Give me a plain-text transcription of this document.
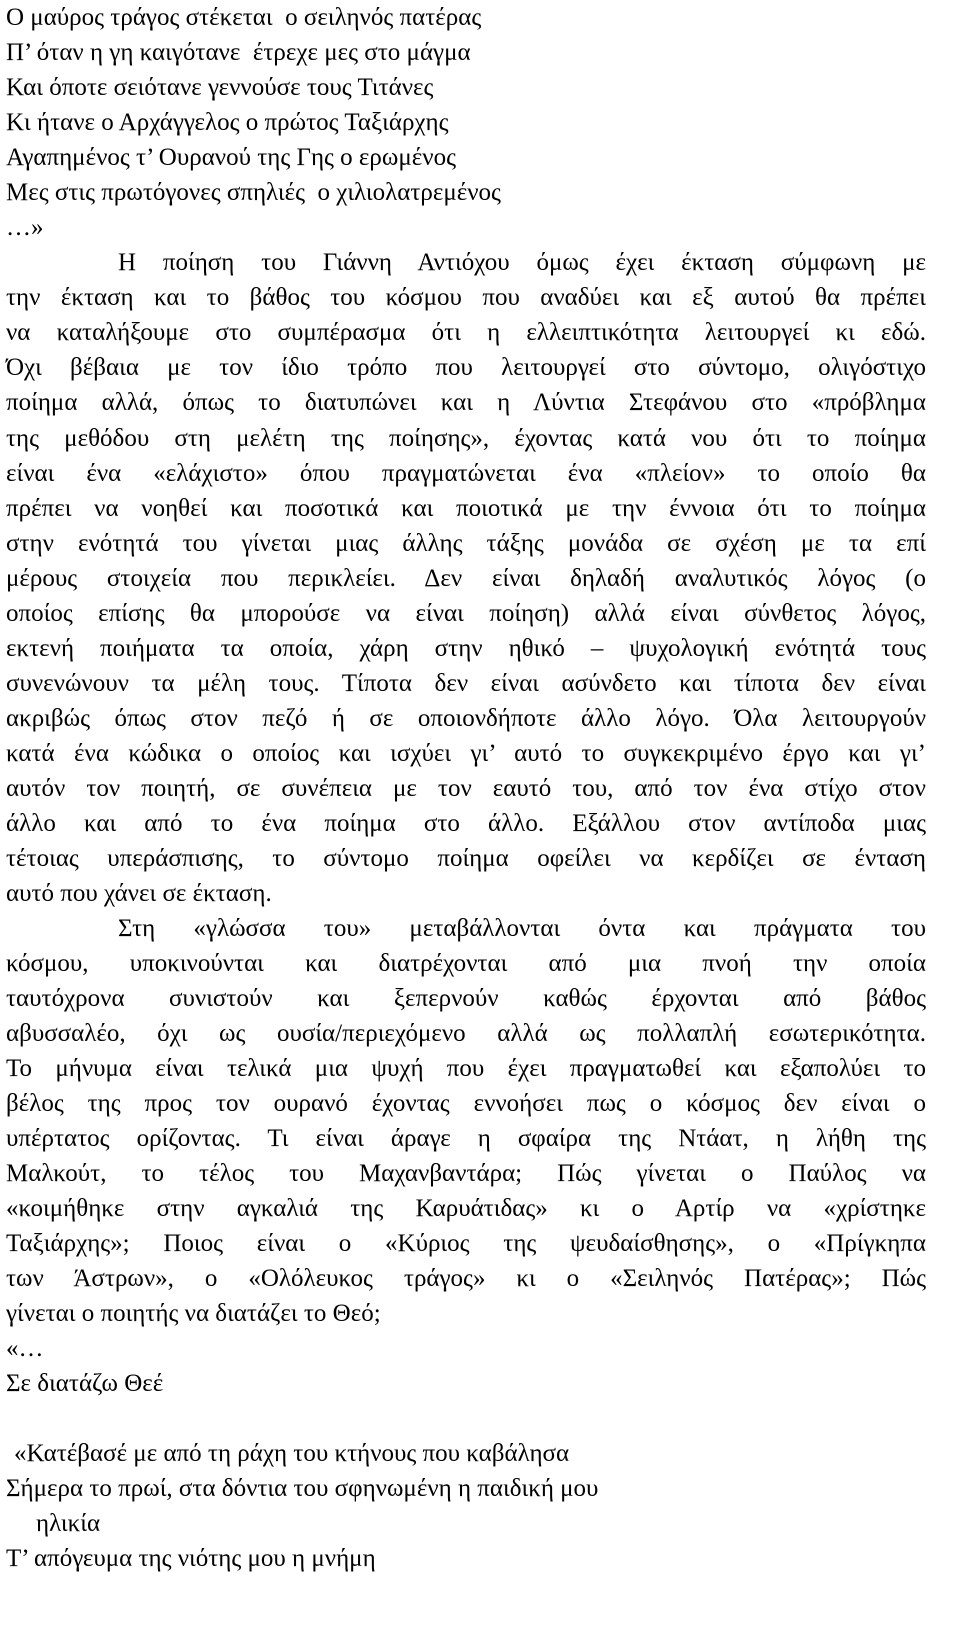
Ο μαύρος τράγος στέκεται  ο σειληνός πατέρας
Π’ όταν η γη καιγότανε  έτρεχε μες στο μάγμα
Και όποτε σειότανε γεννούσε τους Τιτάνες
Κι ήτανε ο Αρχάγγελος ο πρώτος Ταξιάρχης
Αγαπημένος τ’ Ουρανού της Γης ο ερωμένος
Μες στις πρωτόγονες σπηλιές  ο χιλιολατρεμένος
…»
Η ποίηση του Γιάννη Αντιόχου όμως έχει έκταση σύμφωνη με
την έκταση και το βάθος του κόσμου που αναδύει και εξ αυτού θα πρέπει
να καταλήξουμε στο συμπέρασμα ότι η ελλειπτικότητα λειτουργεί κι εδώ.
Όχι βέβαια με τον ίδιο τρόπο που λειτουργεί στο σύντομο, ολιγόστιχο
ποίημα αλλά, όπως το διατυπώνει και η Λύντια Στεφάνου στο «πρόβλημα
της μεθόδου στη μελέτη της ποίησης», έχοντας κατά νου ότι το ποίημα
είναι ένα «ελάχιστο» όπου πραγματώνεται ένα «πλείον» το οποίο θα
πρέπει να νοηθεί και ποσοτικά και ποιοτικά με την έννοια ότι το ποίημα
στην ενότητά του γίνεται μιας άλλης τάξης μονάδα σε σχέση με τα επί
μέρους στοιχεία που περικλείει. Δεν είναι δηλαδή αναλυτικός λόγος (ο
οποίος επίσης θα μπορούσε να είναι ποίηση) αλλά είναι σύνθετος λόγος,
εκτενή ποιήματα τα οποία, χάρη στην ηθικό – ψυχολογική ενότητά τους
συνενώνουν τα μέλη τους. Τίποτα δεν είναι ασύνδετο και τίποτα δεν είναι
ακριβώς όπως στον πεζό ή σε οποιονδήποτε άλλο λόγο. Όλα λειτουργούν
κατά ένα κώδικα ο οποίος και ισχύει γι’ αυτό το συγκεκριμένο έργο και γι’
αυτόν τον ποιητή, σε συνέπεια με τον εαυτό του, από τον ένα στίχο στον
άλλο και από το ένα ποίημα στο άλλο. Εξάλλου στον αντίποδα μιας
τέτοιας υπεράσπισης, το σύντομο ποίημα οφείλει να κερδίζει σε ένταση
αυτό που χάνει σε έκταση.
Στη «γλώσσα του» μεταβάλλονται όντα και πράγματα του
κόσμου, υποκινούνται και διατρέχονται από μια πνοή την οποία
ταυτόχρονα συνιστούν και ξεπερνούν καθώς έρχονται από βάθος
αβυσσαλέο, όχι ως ουσία/περιεχόμενο αλλά ως πολλαπλή εσωτερικότητα.
Το μήνυμα είναι τελικά μια ψυχή που έχει πραγματωθεί και εξαπολύει το
βέλος της προς τον ουρανό έχοντας εννοήσει πως ο κόσμος δεν είναι ο
υπέρτατος ορίζοντας. Τι είναι άραγε η σφαίρα της Ντάατ, η λήθη της
Μαλκούτ, το τέλος του Μαχανβαντάρα; Πώς γίνεται ο Παύλος να
«κοιμήθηκε στην αγκαλιά της Καρυάτιδας» κι ο Αρτίρ να «χρίστηκε
Ταξιάρχης»; Ποιος είναι ο «Κύριος της ψευδαίσθησης», ο «Πρίγκηπα
των Άστρων», ο «Ολόλευκος τράγος» κι ο «Σειληνός Πατέρας»; Πώς
γίνεται ο ποιητής να διατάζει το Θεό;
«…
Σε διατάζω Θεέ
«Κατέβασέ με από τη ράχη του κτήνους που καβάλησα
Σήμερα το πρωί, στα δόντια του σφηνωμένη η παιδική μου
ηλικία
Τ’ απόγευμα της νιότης μου η μνήμη
